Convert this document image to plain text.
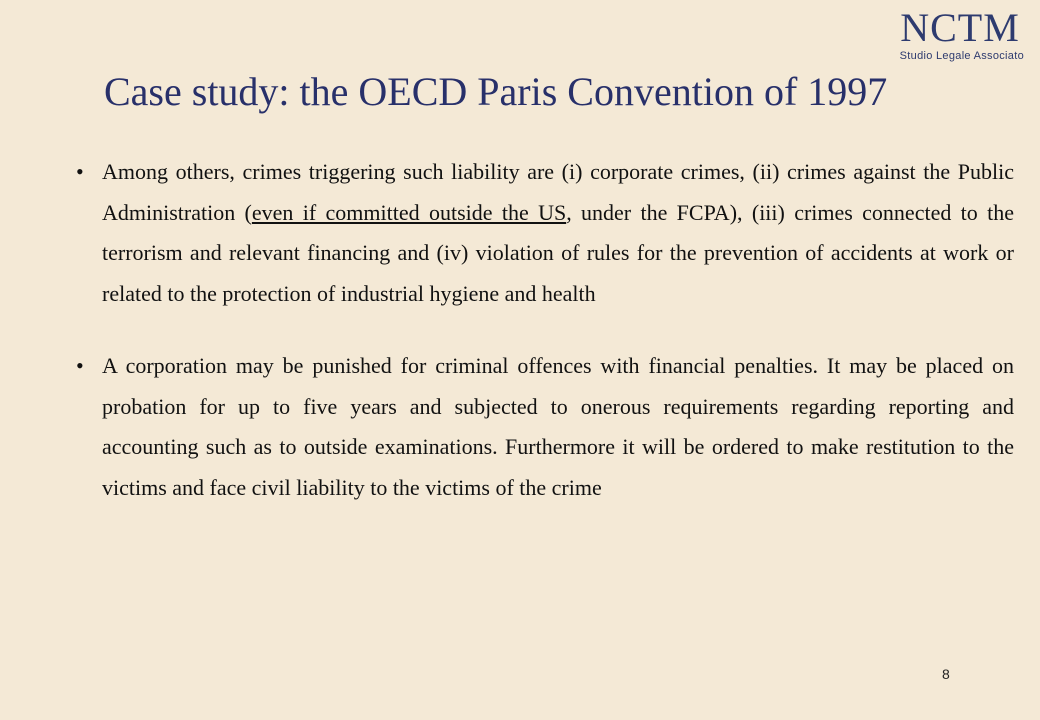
NCTM
Studio Legale Associato
Case study: the OECD Paris Convention of 1997
• Among others, crimes triggering such liability are (i) corporate crimes, (ii) crimes against the Public Administration (even if committed outside the US, under the FCPA), (iii) crimes connected to the terrorism and relevant financing and (iv) violation of rules for the prevention of accidents at work or related to the protection of industrial hygiene and health
• A corporation may be punished for criminal offences with financial penalties. It may be placed on probation for up to five years and subjected to onerous requirements regarding reporting and accounting such as to outside examinations. Furthermore it will be ordered to make restitution to the victims and face civil liability to the victims of the crime
8
